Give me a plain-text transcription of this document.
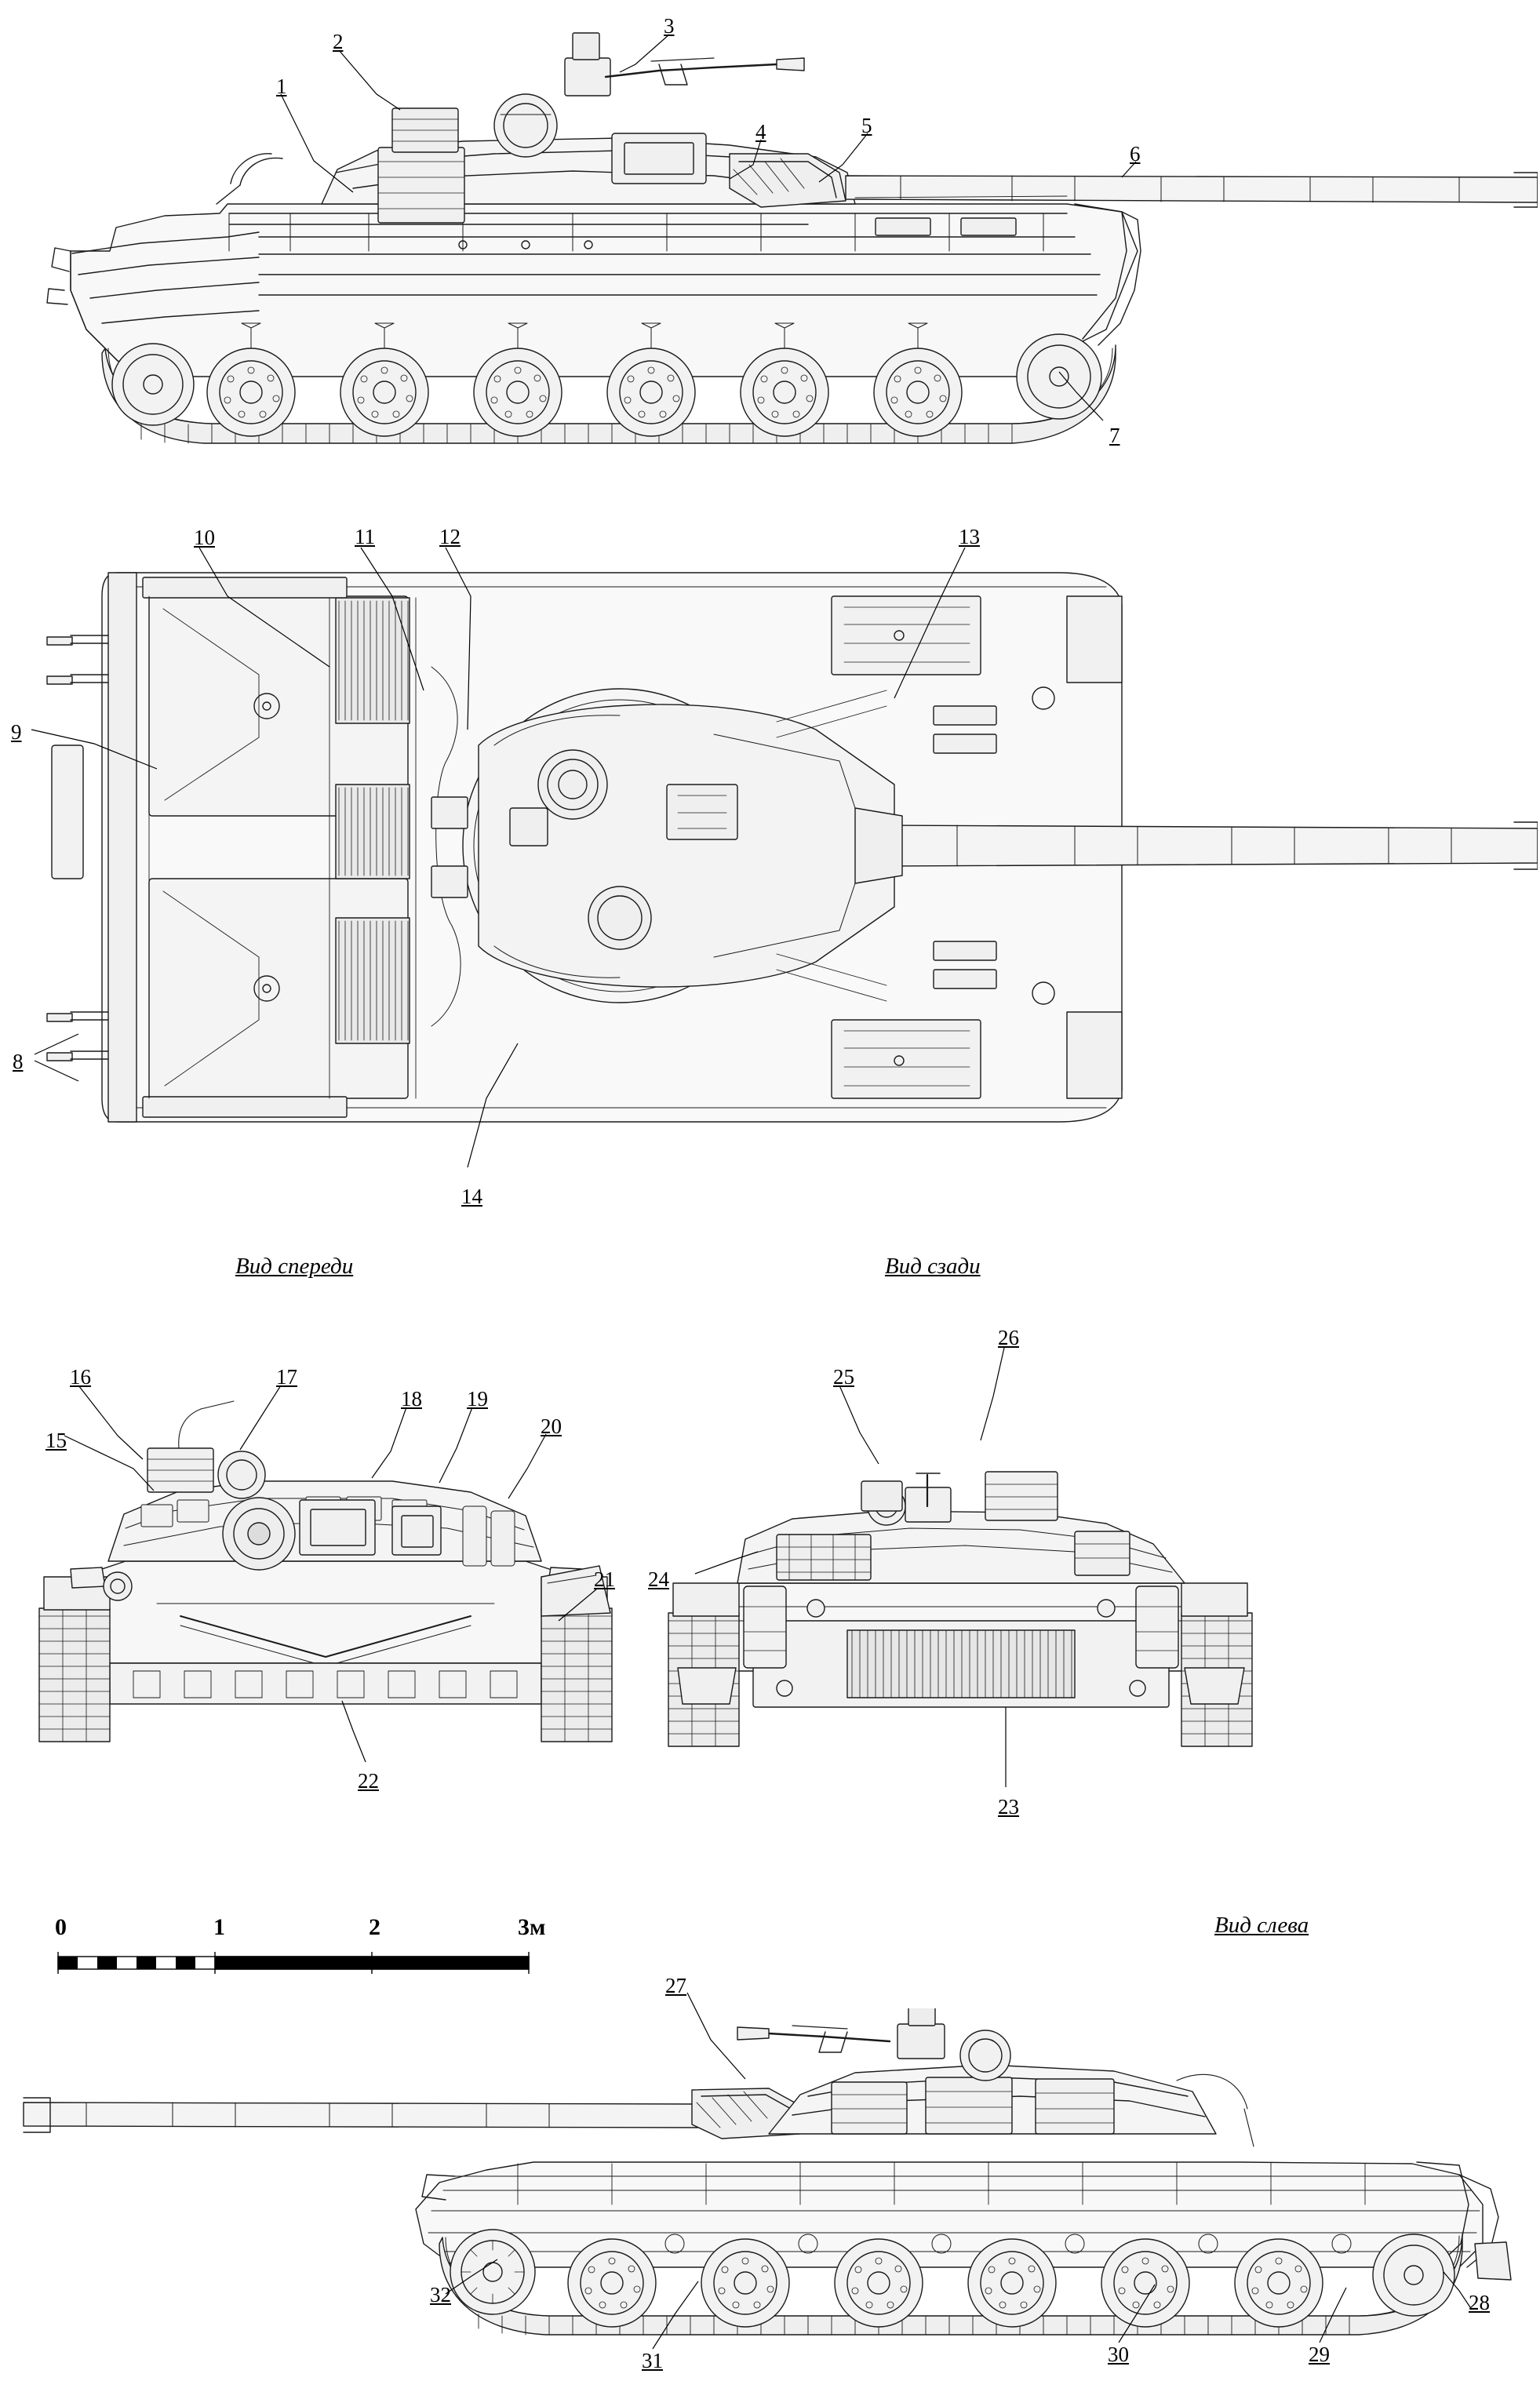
0	1	2	3м
Вид спереди	Вид сзади
Вид слева
1
2
3
4	5
6
7
8
9
10	11	12	13
14
15
16	17
18 19
20
21
22
23
24
25
26
27
28
29
30
31
32
